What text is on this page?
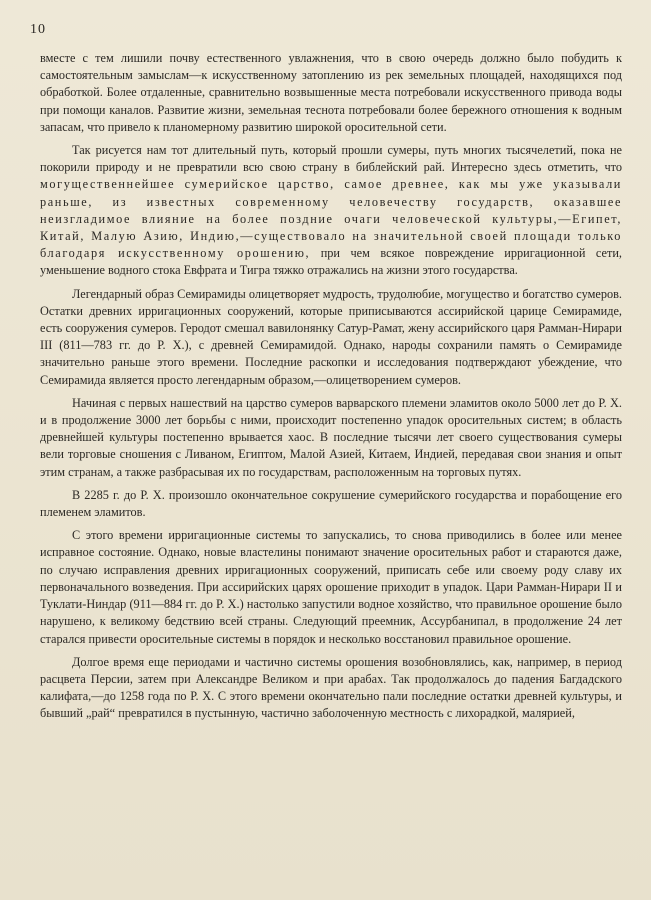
10

вместе с тем лишили почву естественного увлажнения, что в свою очередь должно было побудить к самостоятельным замыслам—к искусственному затоплению из рек земельных площадей, находящихся под обработкой. Более отдаленные, сравнительно возвышенные места потребовали искусственного привода воды при помощи каналов. Развитие жизни, земельная теснота потребовали более бережного отношения к водным запасам, что привело к планомерному развитию широкой оросительной сети.

Так рисуется нам тот длительный путь, который прошли сумеры, путь многих тысячелетий, пока не покорили природу и не превратили всю свою страну в библейский рай. Интересно здесь отметить, что могущественнейшее сумерийское царство, самое древнее, как мы уже указывали раньше, из известных современному человечеству государств, оказавшее неизгладимое влияние на более поздние очаги человеческой культуры,—Египет, Китай, Малую Азию, Индию,—существовало на значительной своей площади только благодаря искусственному орошению, при чем всякое повреждение ирригационной сети, уменьшение водного стока Евфрата и Тигра тяжко отражались на жизни этого государства.

Легендарный образ Семирамиды олицетворяет мудрость, трудолюбие, могущество и богатство сумеров. Остатки древних ирригационных сооружений, которые приписываются ассирийской царице Семирамиде, есть сооружения сумеров. Геродот смешал вавилонянку Сатур-Рамат, жену ассирийского царя Рамман-Нирари III (811—783 гг. до Р. Х.), с древней Семирамидой. Однако, народы сохранили память о Семирамиде значительно раньше этого времени. Последние раскопки и исследования подтверждают убеждение, что Семирамида является просто легендарным образом,—олицетворением сумеров.

Начиная с первых нашествий на царство сумеров варварского племени эламитов около 5000 лет до Р. Х. и в продолжение 3000 лет борьбы с ними, происходит постепенно упадок оросительных систем; в область древнейшей культуры постепенно врывается хаос. В последние тысячи лет своего существования сумеры вели торговые сношения с Ливаном, Египтом, Малой Азией, Китаем, Индией, передавая свои знания и опыт этим странам, а также разбрасывая их по государствам, расположенным на торговых путях.

В 2285 г. до Р. Х. произошло окончательное сокрушение сумерийского государства и порабощение его племенем эламитов.

С этого времени ирригационные системы то запускались, то снова приводились в более или менее исправное состояние. Однако, новые властелины понимают значение оросительных работ и стараются даже, по случаю исправления древних ирригационных сооружений, приписать себе или своему роду славу их первоначального возведения. При ассирийских царях орошение приходит в упадок. Цари Рамман-Нирари II и Туклати-Ниндар (911—884 гг. до Р. Х.) настолько запустили водное хозяйство, что правильное орошение было нарушено, к великому бедствию всей страны. Следующий преемник, Ассурбанипал, в продолжение 24 лет старался привести оросительные системы в порядок и несколько восстановил правильное орошение.

Долгое время еще периодами и частично системы орошения возобновлялись, как, например, в период расцвета Персии, затем при Александре Великом и при арабах. Так продолжалось до падения Багдадского калифата,—до 1258 года по Р. Х. С этого времени окончательно пали последние остатки древней культуры, и бывший „рай“ превратился в пустынную, частично заболоченную местность с лихорадкой, малярией,
